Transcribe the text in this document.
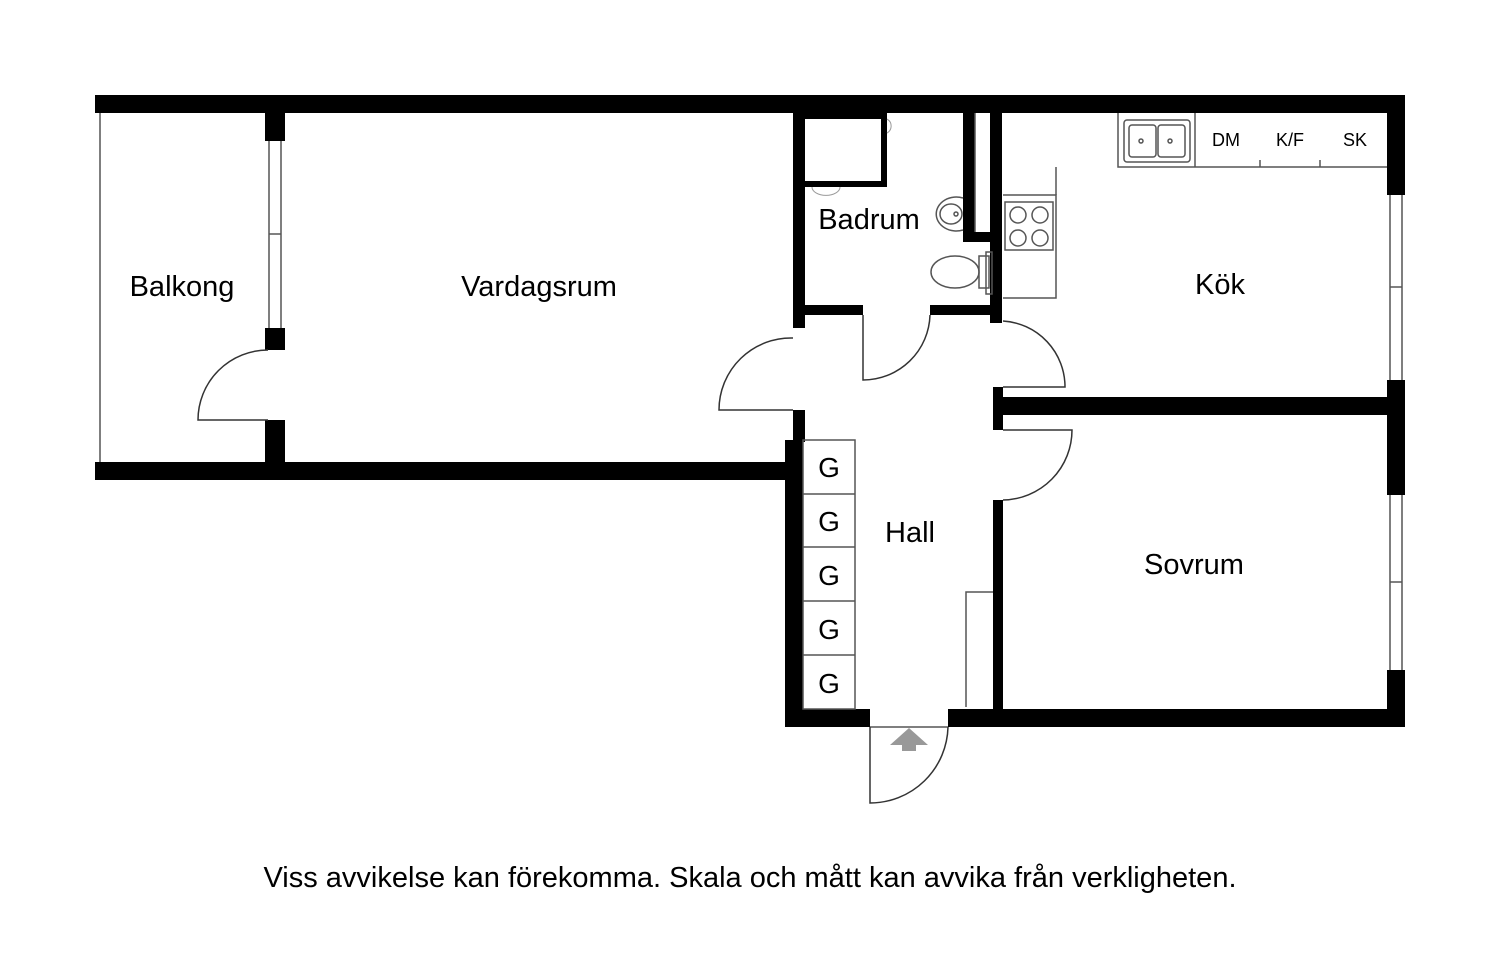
Balkong	Vardagsrum
Badrum
Kök
Hall
Sovrum
DM K/F SK
G
G
G
G
G
Viss avvikelse kan förekomma. Skala och mått kan avvika från verkligheten.
